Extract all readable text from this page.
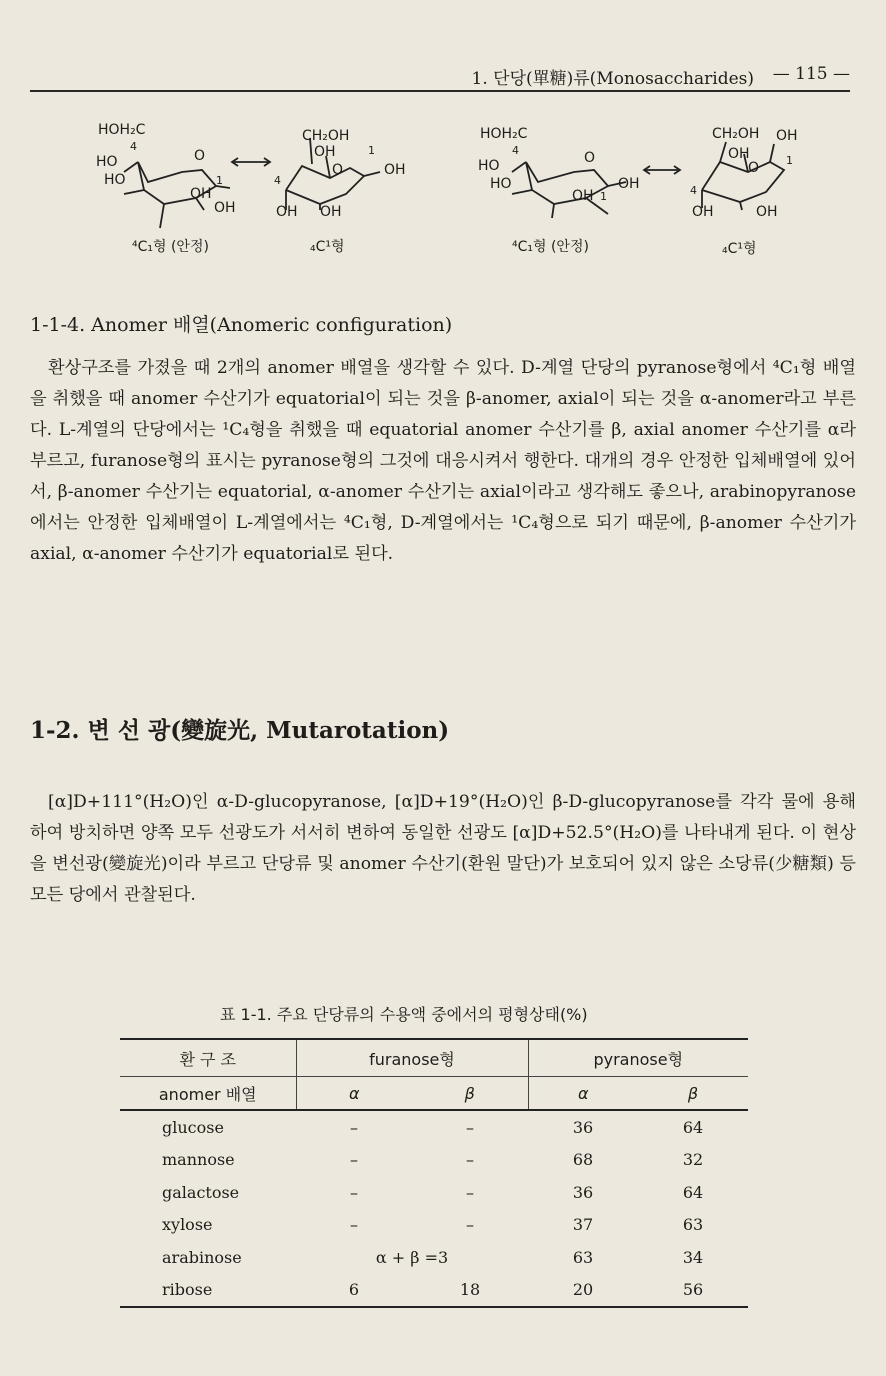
1. 단당(單糖)류(Monosaccharides) — 115 —
HOH₂C
4
O
HO
HO	1
OH
OH
⁴C₁형 (안정)
CH₂OH
OH
O
1
OH
4
OH OH
₄C¹형
HOH₂C
4	O
HO
HO	OH
OH 1
⁴C₁형 (안정)
CH₂OH OH
OH
O 1
4
OH	OH
₄C¹형
1-1-4. Anomer 배열(Anomeric configuration)

환상구조를 가졌을 때 2개의 anomer 배열을 생각할 수 있다. D-계열 단당의 pyranose형에서 ⁴C₁형 배열을 취했을 때 anomer 수산기가 equatorial이 되는 것을 β-anomer, axial이 되는 것을 α-anomer라고 부른다. L-계열의 단당에서는 ¹C₄형을 취했을 때 equatorial anomer 수산기를 β, axial anomer 수산기를 α라 부르고, furanose형의 표시는 pyranose형의 그것에 대응시켜서 행한다. 대개의 경우 안정한 입체배열에 있어서, β-anomer 수산기는 equatorial, α-anomer 수산기는 axial이라고 생각해도 좋으나, arabinopyranose에서는 안정한 입체배열이 L-계열에서는 ⁴C₁형, D-계열에서는 ¹C₄형으로 되기 때문에, β-anomer 수산기가 axial, α-anomer 수산기가 equatorial로 된다.

1-2. 변 선 광(變旋光, Mutarotation)

[α]D+111°(H₂O)인 α-D-glucopyranose, [α]D+19°(H₂O)인 β-D-glucopyranose를 각각 물에 용해하여 방치하면 양쪽 모두 선광도가 서서히 변하여 동일한 선광도 [α]D+52.5°(H₂O)를 나타내게 된다. 이 현상을 변선광(變旋光)이라 부르고 단당류 및 anomer 수산기(환원 말단)가 보호되어 있지 않은 소당류(少糖類) 등 모든 당에서 관찰된다.

표 1-1. 주요 단당류의 수용액 중에서의 평형상태(%)
환 구 조	furanose형		pyranose형	
anomer 배열	α	β	α	β
glucose	–	–	36	64
mannose	–	–	68	32
galactose	–	–	36	64
xylose	–	–	37	63
arabinose	α + β =3		63	34
ribose	6	18	20	56
